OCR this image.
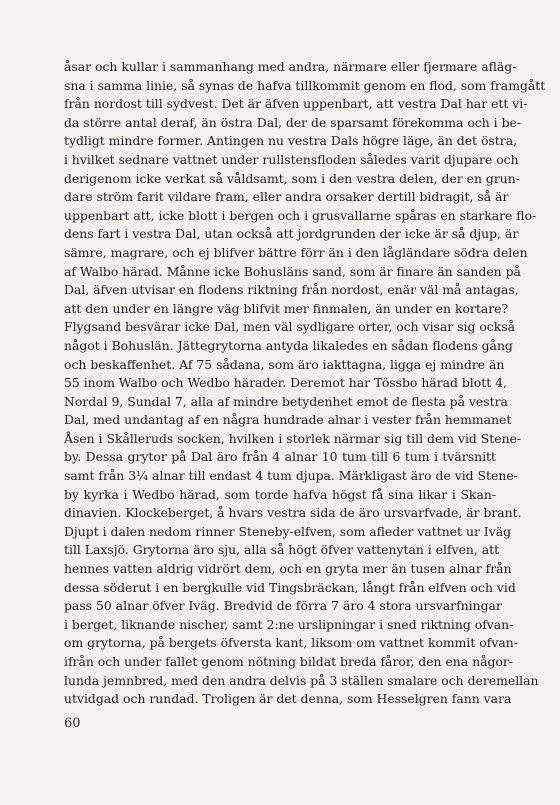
åsar och kullar i sammanhang med andra, närmare eller fjermare afläg-
sna i samma linie, så synas de hafva tillkommit genom en flod, som framgått
från nordost till sydvest. Det är äfven uppenbart, att vestra Dal har ett vi-
da större antal deraf, än östra Dal, der de sparsamt förekomma och i be-
tydligt mindre former. Antingen nu vestra Dals högre läge, än det östra,
i hvilket sednare vattnet under rullstensfloden således varit djupare och
derigenom icke verkat så våldsamt, som i den vestra delen, der en grun-
dare ström farit vildare fram, eller andra orsaker dertill bidragit, så är
uppenbart att, icke blott i bergen och i grusvallarne spåras en starkare flo-
dens fart i vestra Dal, utan också att jordgrunden der icke är så djup, är
sämre, magrare, och ej blifver bättre förr än i den lågländare södra delen
af Walbo härad. Månne icke Bohusläns sand, som är finare än sanden på
Dal, äfven utvisar en flodens riktning från nordost, enär väl må antagas,
att den under en längre väg blifvit mer finmalen, än under en kortare?
Flygsand besvärar icke Dal, men väl sydligare orter, och visar sig också
något i Bohuslän. Jättegrytorna antyda likaledes en sådan flodens gång
och beskaffenhet. Af 75 sådana, som äro iakttagna, ligga ej mindre än
55 inom Walbo och Wedbo härader. Deremot har Tössbo härad blott 4,
Nordal 9, Sundal 7, alla af mindre betydenhet emot de flesta på vestra
Dal, med undantag af en några hundrade alnar i vester från hemmanet
Åsen i Skålleruds socken, hvilken i storlek närmar sig till dem vid Stene-
by. Dessa grytor på Dal äro från 4 alnar 10 tum till 6 tum i tvärsnitt
samt från 3¼ alnar till endast 4 tum djupa. Märkligast äro de vid Stene-
by kyrka i Wedbo härad, som torde hafva högst få sina likar i Skan-
dinavien. Klockeberget, å hvars vestra sida de äro ursvarfvade, är brant.
Djupt i dalen nedom rinner Steneby-elfven, som afleder vattnet ur Iväg
till Laxsjö. Grytorna äro sju, alla så högt öfver vattenytan i elfven, att
hennes vatten aldrig vidrört dem, och en gryta mer än tusen alnar från
dessa söderut i en bergkulle vid Tingsbräckan, långt från elfven och vid
pass 50 alnar öfver Iväg. Bredvid de förra 7 äro 4 stora ursvarfningar
i berget, liknande nischer, samt 2:ne urslipningar i sned riktning ofvan-
om grytorna, på bergets öfversta kant, liksom om vattnet kommit ofvan-
ifrån och under fallet genom nötning bildat breda fåror, den ena någor-
lunda jemnbred, med den andra delvis på 3 ställen smalare och deremellan
utvidgad och rundad. Troligen är det denna, som Hesselgren fann vara
60
